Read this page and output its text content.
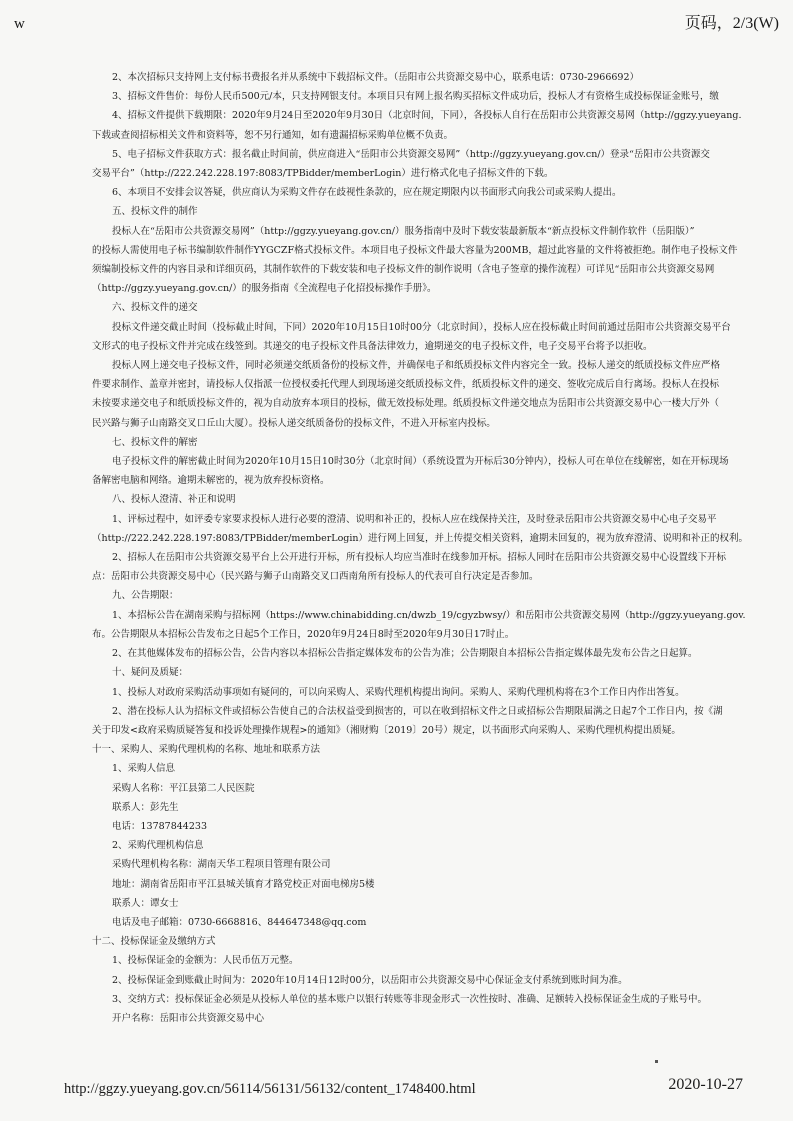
w	页码，2/3(W)

2、本次招标只支持网上支付标书费报名并从系统中下载招标文件。（岳阳市公共资源交易中心，联系电话：0730-2966692）

3、招标文件售价：每份人民币500元/本，只支持网银支付。本项目只有网上报名购买招标文件成功后，投标人才有资格生成投标保证金账号，缴

4、招标文件提供下载期限：2020年9月24日至2020年9月30日（北京时间，下同），各投标人自行在岳阳市公共资源交易网（http://ggzy.yueyang.

下载或查阅招标相关文件和资料等，恕不另行通知，如有遗漏招标采购单位概不负责。

5、电子招标文件获取方式：报名截止时间前，供应商进入“岳阳市公共资源交易网”（http://ggzy.yueyang.gov.cn/）登录“岳阳市公共资源交

交易平台”（http://222.242.228.197:8083/TPBidder/memberLogin）进行格式化电子招标文件的下载。

6、本项目不安排会议答疑，供应商认为采购文件存在歧视性条款的，应在规定期限内以书面形式向我公司或采购人提出。

五、投标文件的制作

投标人在“岳阳市公共资源交易网”（http://ggzy.yueyang.gov.cn/）服务指南中及时下载安装最新版本“新点投标文件制作软件（岳阳版）”

的投标人需使用电子标书编制软件制作YYGCZF格式投标文件。本项目电子投标文件最大容量为200MB，超过此容量的文件将被拒绝。制作电子投标文件

须编制投标文件的内容目录和详细页码，其制作软件的下载安装和电子投标文件的制作说明（含电子签章的操作流程）可详见“岳阳市公共资源交易网

（http://ggzy.yueyang.gov.cn/）的服务指南《全流程电子化招投标操作手册》。

六、投标文件的递交

投标文件递交截止时间（投标截止时间，下同）2020年10月15日10时00分（北京时间），投标人应在投标截止时间前通过岳阳市公共资源交易平台

文形式的电子投标文件并完成在线签到。其递交的电子投标文件具备法律效力，逾期递交的电子投标文件，电子交易平台将予以拒收。

投标人网上递交电子投标文件，同时必须递交纸质备份的投标文件，并确保电子和纸质投标文件内容完全一致。投标人递交的纸质投标文件应严格

件要求制作、盖章并密封，请投标人仅指派一位授权委托代理人到现场递交纸质投标文件，纸质投标文件的递交、签收完成后自行离场。投标人在投标

未按要求递交电子和纸质投标文件的，视为自动放弃本项目的投标，做无效投标处理。纸质投标文件递交地点为岳阳市公共资源交易中心一楼大厅外（

民兴路与狮子山南路交叉口丘山大厦）。投标人递交纸质备份的投标文件，不进入开标室内投标。

七、投标文件的解密

电子投标文件的解密截止时间为2020年10月15日10时30分（北京时间）（系统设置为开标后30分钟内），投标人可在单位在线解密，如在开标现场

备解密电脑和网络。逾期未解密的，视为放弃投标资格。

八、投标人澄清、补正和说明

1、评标过程中，如评委专家要求投标人进行必要的澄清、说明和补正的，投标人应在线保持关注，及时登录岳阳市公共资源交易中心电子交易平

（http://222.242.228.197:8083/TPBidder/memberLogin）进行网上回复，并上传提交相关资料，逾期未回复的，视为放弃澄清、说明和补正的权利。

2、招标人在岳阳市公共资源交易平台上公开进行开标，所有投标人均应当准时在线参加开标。招标人同时在岳阳市公共资源交易中心设置线下开标

点：岳阳市公共资源交易中心（民兴路与狮子山南路交叉口西南角所有投标人的代表可自行决定是否参加。

九、公告期限：

1、本招标公告在湖南采购与招标网（https://www.chinabidding.cn/dwzb_19/cgyzbwsy/）和岳阳市公共资源交易网（http://ggzy.yueyang.gov.

布。公告期限从本招标公告发布之日起5个工作日，2020年9月24日8时至2020年9月30日17时止。

2、在其他媒体发布的招标公告，公告内容以本招标公告指定媒体发布的公告为准；公告期限自本招标公告指定媒体最先发布公告之日起算。

十、疑问及质疑：

1、投标人对政府采购活动事项如有疑问的，可以向采购人、采购代理机构提出询问。采购人、采购代理机构将在3个工作日内作出答复。

2、潜在投标人认为招标文件或招标公告使自己的合法权益受到损害的，可以在收到招标文件之日或招标公告期限届满之日起7个工作日内，按《湖

关于印发<政府采购质疑答复和投诉处理操作规程>的通知》（湘财购〔2019〕20号）规定，以书面形式向采购人、采购代理机构提出质疑。

十一、采购人、采购代理机构的名称、地址和联系方法

1、采购人信息

采购人名称：平江县第二人民医院

联系人：彭先生

电话：13787844233

2、采购代理机构信息

采购代理机构名称：湖南天华工程项目管理有限公司

地址：湖南省岳阳市平江县城关镇育才路党校正对面电梯房5楼

联系人：谭女士

电话及电子邮箱：0730-6668816、844647348@qq.com

十二、投标保证金及缴纳方式

1、投标保证金的金额为：人民币伍万元整。

2、投标保证金到账截止时间为：2020年10月14日12时00分，以岳阳市公共资源交易中心保证金支付系统到账时间为准。

3、交纳方式：投标保证金必须是从投标人单位的基本账户以银行转账等非现金形式一次性按时、准确、足额转入投标保证金生成的子账号中。

开户名称：岳阳市公共资源交易中心

http://ggzy.yueyang.gov.cn/56114/56131/56132/content_1748400.html	2020-10-27
